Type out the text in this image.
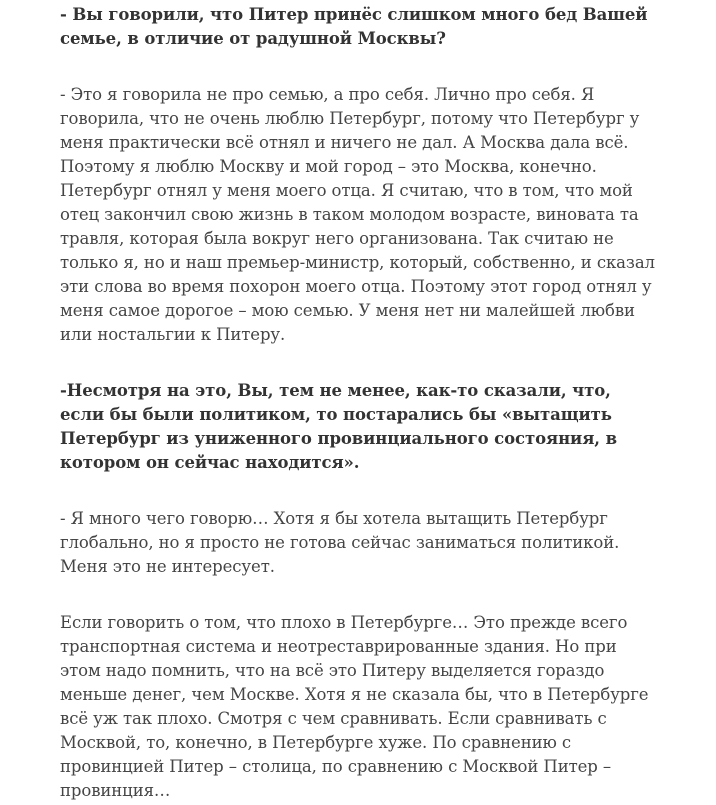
- Вы говорили, что Питер принёс слишком много бед Вашей семье, в отличие от радушной Москвы?

- Это я говорила не про семью, а про себя. Лично про себя. Я говорила, что не очень люблю Петербург, потому что Петербург у меня практически всё отнял и ничего не дал. А Москва дала всё. Поэтому я люблю Москву и мой город – это Москва, конечно. Петербург отнял у меня моего отца. Я считаю, что в том, что мой отец закончил свою жизнь в таком молодом возрасте, виновата та травля, которая была вокруг него организована. Так считаю не только я, но и наш премьер-министр, который, собственно, и сказал эти слова во время похорон моего отца. Поэтому этот город отнял у меня самое дорогое – мою семью. У меня нет ни малейшей любви или ностальгии к Питеру.

-Несмотря на это, Вы, тем не менее, как-то сказали, что, если бы были политиком, то постарались бы «вытащить Петербург из униженного провинциального состояния, в котором он сейчас находится».

- Я много чего говорю… Хотя я бы хотела вытащить Петербург глобально, но я просто не готова сейчас заниматься политикой. Меня это не интересует.

Если говорить о том, что плохо в Петербурге… Это прежде всего транспортная система и неотреставрированные здания. Но при этом надо помнить, что на всё это Питеру выделяется гораздо меньше денег, чем Москве. Хотя я не сказала бы, что в Петербурге всё уж так плохо. Смотря с чем сравнивать. Если сравнивать с Москвой, то, конечно, в Петербурге хуже. По сравнению с провинцией Питер – столица, по сравнению с Москвой Питер – провинция…
